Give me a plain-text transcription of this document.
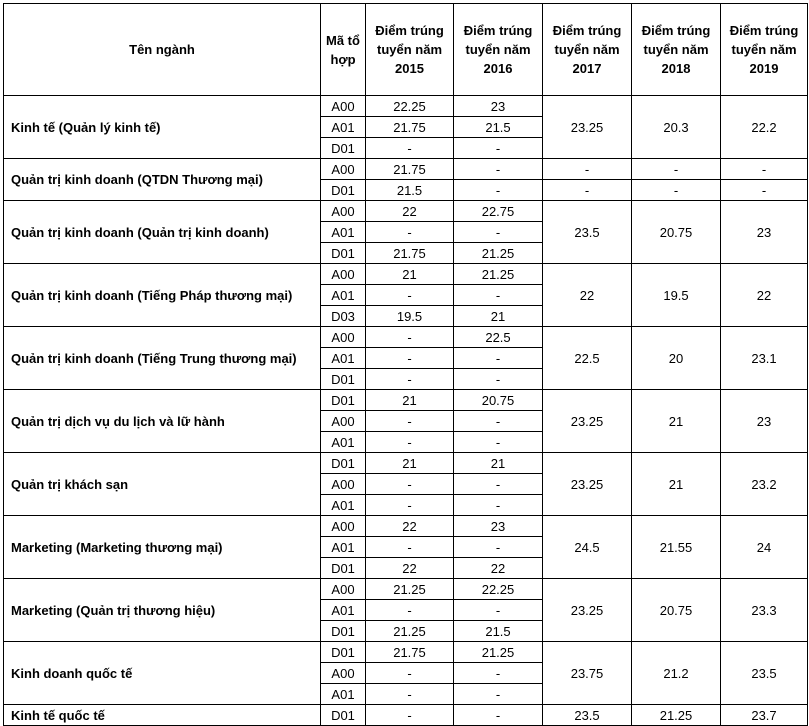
Tên ngành	Mã tổ hợp	Điểm trúng tuyển năm 2015	Điểm trúng tuyển năm 2016	Điểm trúng tuyển năm 2017	Điểm trúng tuyển năm 2018	Điểm trúng tuyển năm 2019
Kinh tế (Quản lý kinh tế)	A00	22.25	23	23.25	20.3	22.2
	A01	21.75	21.5			
	D01	-	-			
Quản trị kinh doanh (QTDN Thương mại)	A00	21.75	-	-	-	-
	D01	21.5	-	-	-	-
Quản trị kinh doanh (Quản trị kinh doanh)	A00	22	22.75	23.5	20.75	23
	A01	-	-			
	D01	21.75	21.25			
Quản trị kinh doanh (Tiếng Pháp thương mại)	A00	21	21.25	22	19.5	22
	A01	-	-			
	D03	19.5	21			
Quản trị kinh doanh (Tiếng Trung thương mại)	A00	-	22.5	22.5	20	23.1
	A01	-	-			
	D01	-	-			
Quản trị dịch vụ du lịch và lữ hành	D01	21	20.75	23.25	21	23
	A00	-	-			
	A01	-	-			
Quản trị khách sạn	D01	21	21	23.25	21	23.2
	A00	-	-			
	A01	-	-			
Marketing (Marketing thương mại)	A00	22	23	24.5	21.55	24
	A01	-	-			
	D01	22	22			
Marketing (Quản trị thương hiệu)	A00	21.25	22.25	23.25	20.75	23.3
	A01	-	-			
	D01	21.25	21.5			
Kinh doanh quốc tế	D01	21.75	21.25	23.75	21.2	23.5
	A00	-	-			
	A01	-	-			
Kinh tế quốc tế	D01	-	-	23.5	21.25	23.7
